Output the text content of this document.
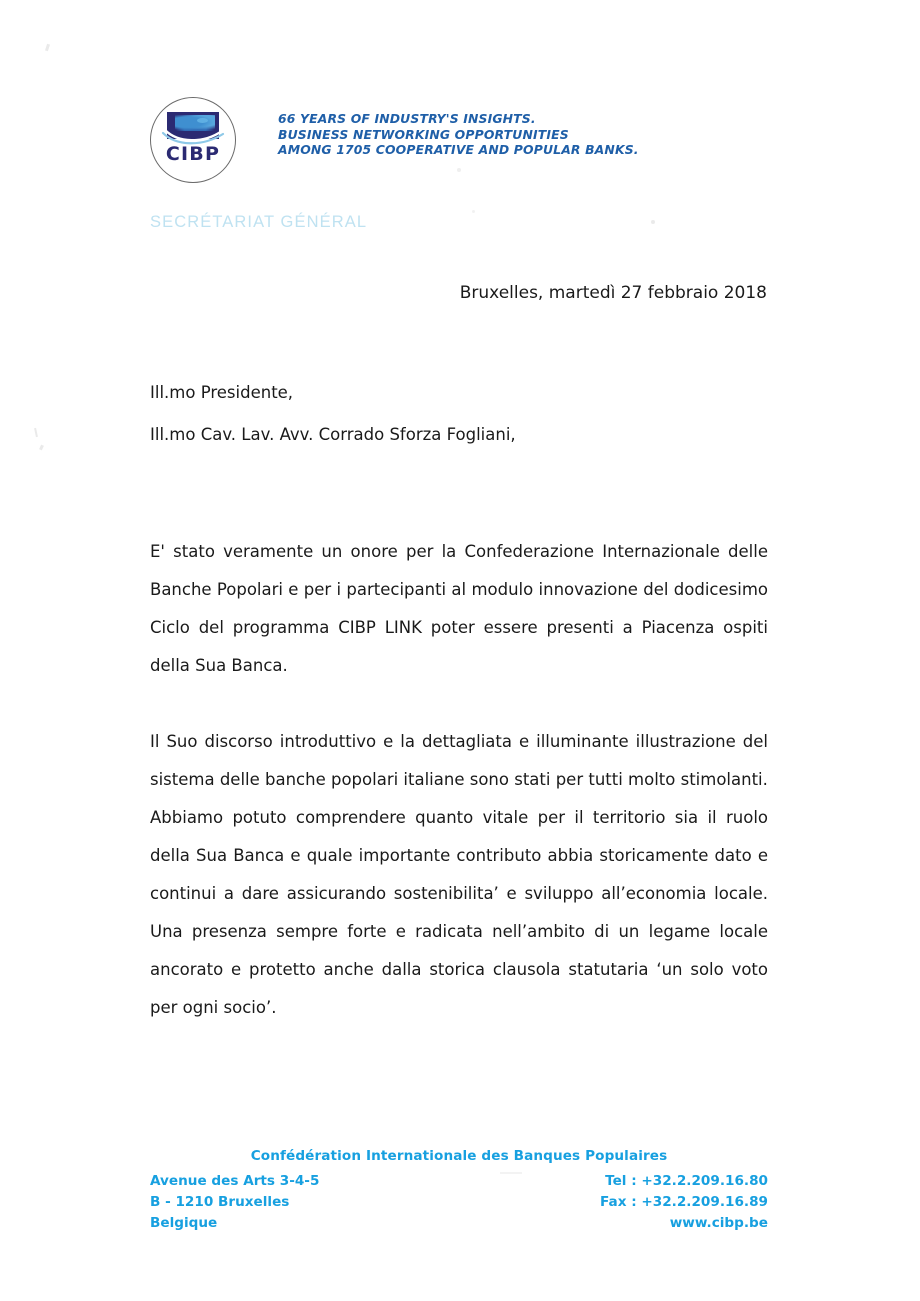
CIBP
66 YEARS OF INDUSTRY'S INSIGHTS.
BUSINESS NETWORKING OPPORTUNITIES
AMONG 1705 COOPERATIVE AND POPULAR BANKS.
SECRÉTARIAT GÉNÉRAL
Bruxelles, martedì 27 febbraio 2018
Ill.mo Presidente,
Ill.mo Cav. Lav. Avv. Corrado Sforza Fogliani,

E' stato veramente un onore per la Confederazione Internazionale delle Banche Popolari e per i partecipanti al modulo innovazione del dodicesimo Ciclo del programma CIBP LINK poter essere presenti a Piacenza ospiti della Sua Banca.

Il Suo discorso introduttivo e la dettagliata e illuminante illustrazione del sistema delle banche popolari italiane sono stati per tutti molto stimolanti.

Abbiamo potuto comprendere quanto vitale per il territorio sia il ruolo della Sua Banca e quale importante contributo abbia storicamente dato e continui a dare assicurando sostenibilita’ e sviluppo all’economia locale. Una presenza sempre forte e radicata nell’ambito di un legame locale ancorato e protetto anche dalla storica clausola statutaria ‘un solo voto per ogni socio’.

Confédération Internationale des Banques Populaires
Avenue des Arts 3-4-5
B - 1210 Bruxelles
Belgique
Tel : +32.2.209.16.80
Fax : +32.2.209.16.89
www.cibp.be
